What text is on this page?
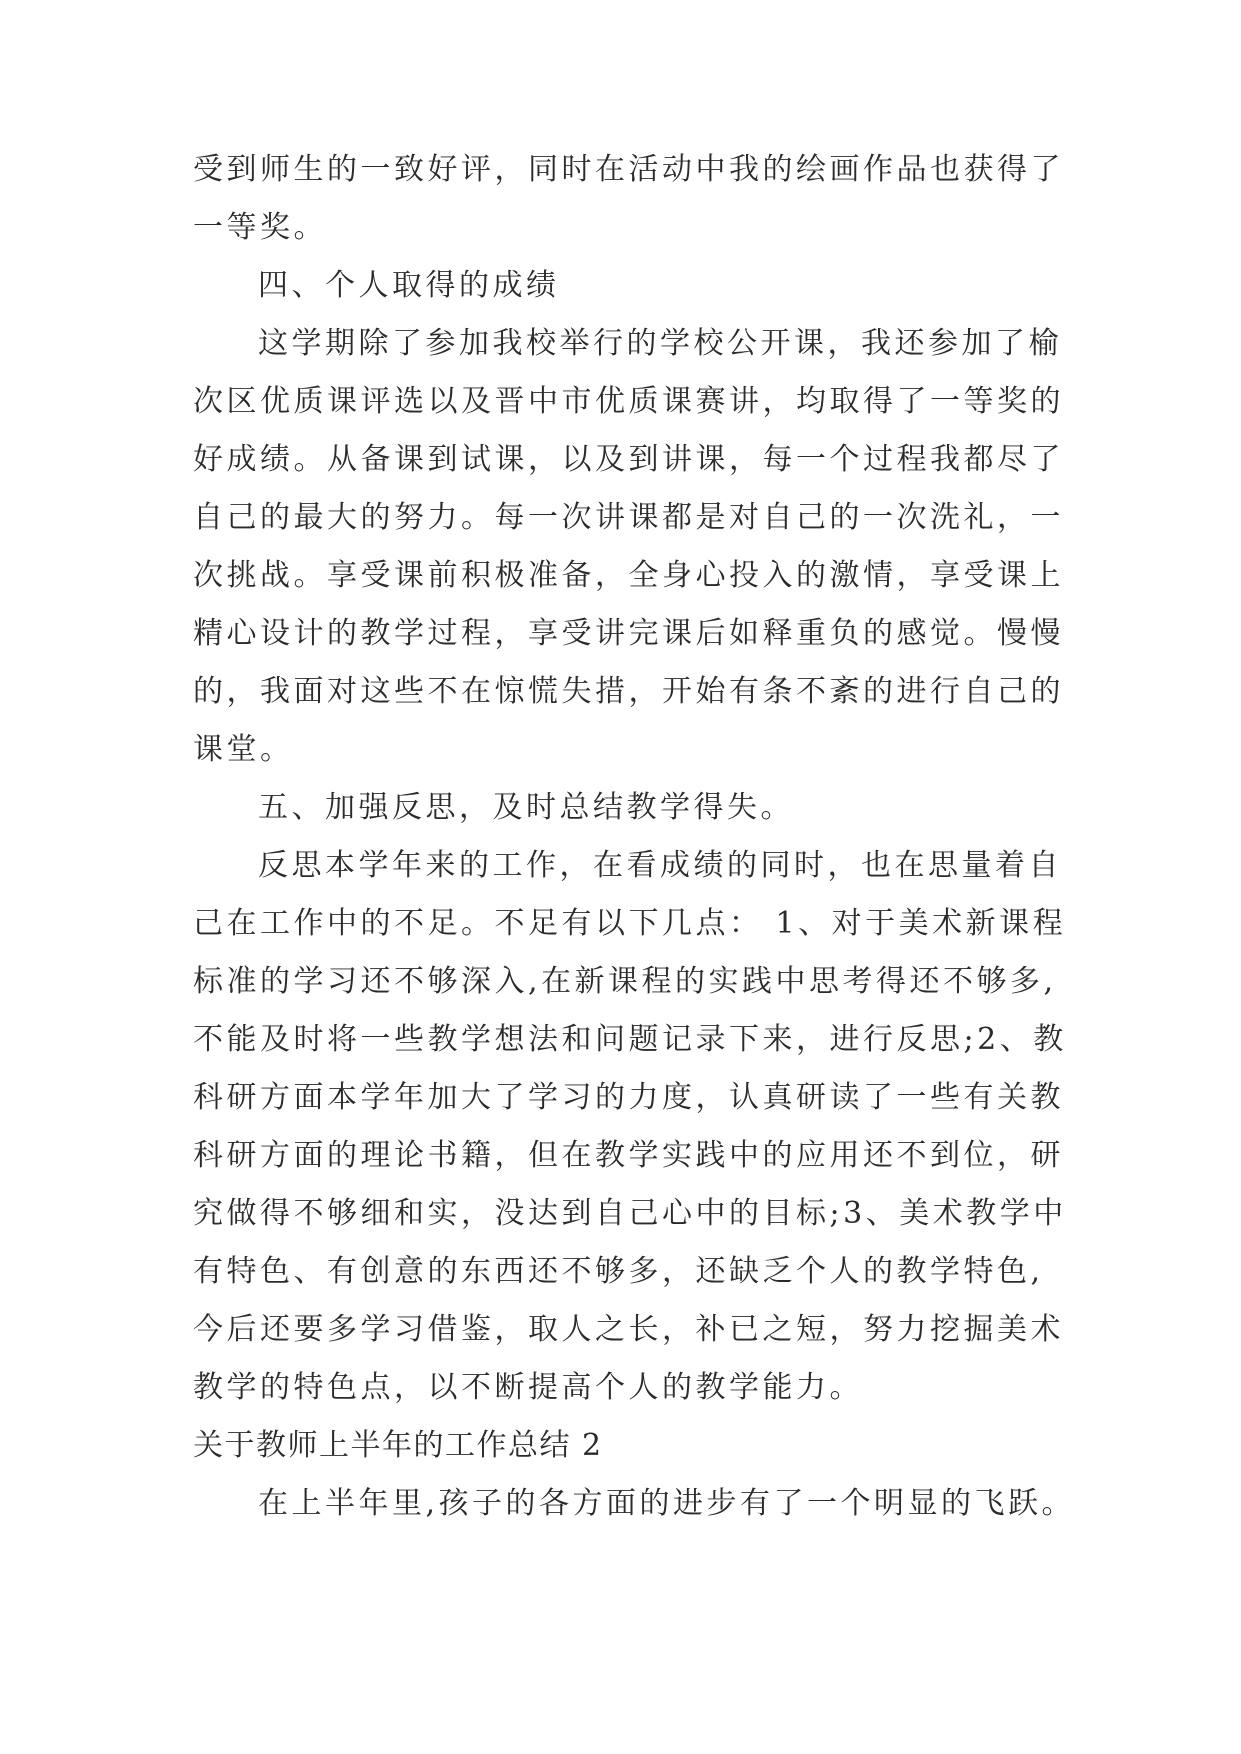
受到师生的一致好评，同时在活动中我的绘画作品也获得了
一等奖。
四、个人取得的成绩
这学期除了参加我校举行的学校公开课，我还参加了榆
次区优质课评选以及晋中市优质课赛讲，均取得了一等奖的
好成绩。从备课到试课，以及到讲课，每一个过程我都尽了
自己的最大的努力。每一次讲课都是对自己的一次洗礼，一
次挑战。享受课前积极准备，全身心投入的激情，享受课上
精心设计的教学过程，享受讲完课后如释重负的感觉。慢慢
的，我面对这些不在惊慌失措，开始有条不紊的进行自己的
课堂。
五、加强反思，及时总结教学得失。
反思本学年来的工作，在看成绩的同时，也在思量着自
己在工作中的不足。不足有以下几点： 1、对于美术新课程
标准的学习还不够深入,在新课程的实践中思考得还不够多,
不能及时将一些教学想法和问题记录下来，进行反思;2、教
科研方面本学年加大了学习的力度，认真研读了一些有关教
科研方面的理论书籍，但在教学实践中的应用还不到位，研
究做得不够细和实，没达到自己心中的目标;3、美术教学中
有特色、有创意的东西还不够多，还缺乏个人的教学特色,
今后还要多学习借鉴，取人之长，补已之短，努力挖掘美术
教学的特色点，以不断提高个人的教学能力。
关于教师上半年的工作总结 2
在上半年里,孩子的各方面的进步有了一个明显的飞跃。
